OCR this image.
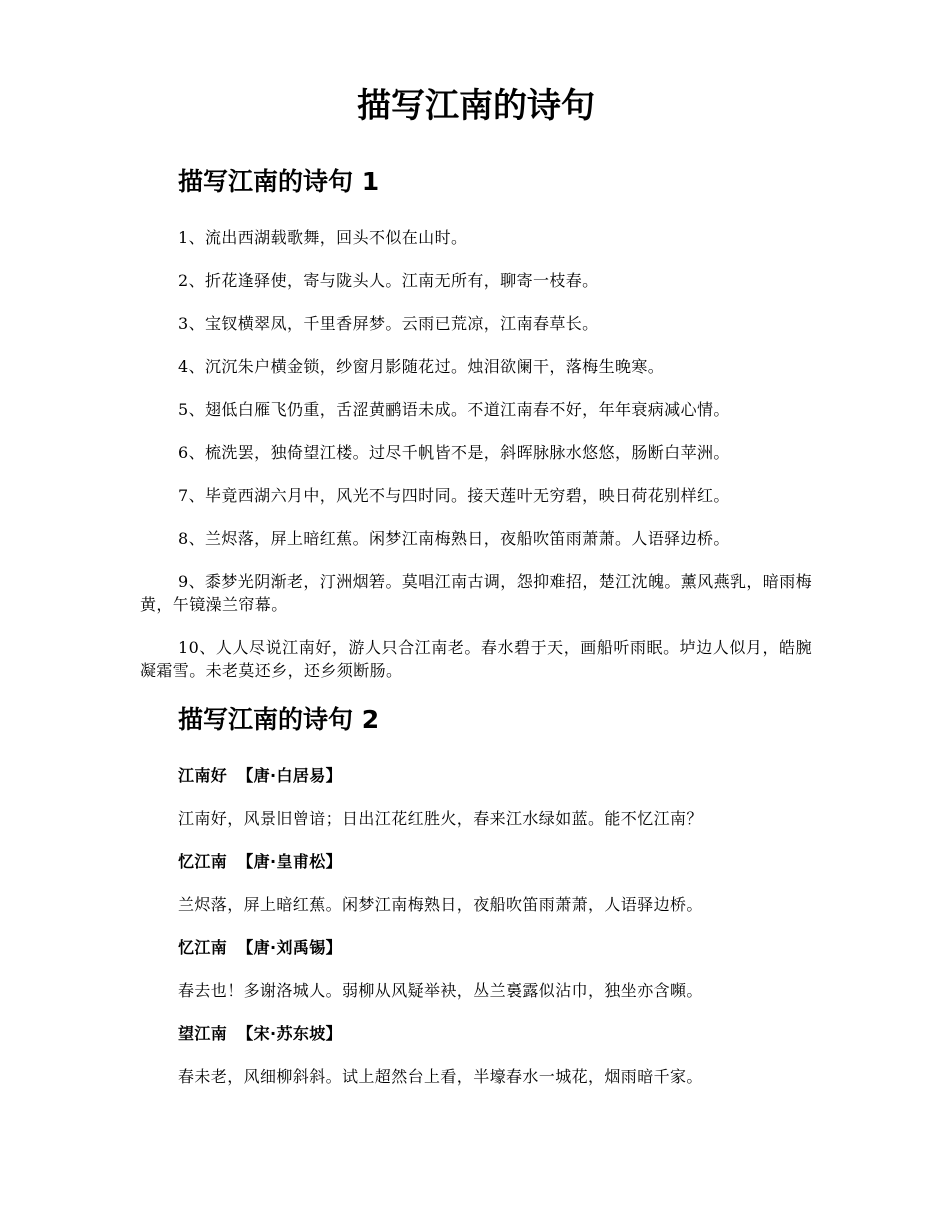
描写江南的诗句
描写江南的诗句 1
1、流出西湖载歌舞，回头不似在山时。
2、折花逢驿使，寄与陇头人。江南无所有，聊寄一枝春。
3、宝钗横翠凤，千里香屏梦。云雨已荒凉，江南春草长。
4、沉沉朱户横金锁，纱窗月影随花过。烛泪欲阑干，落梅生晚寒。
5、翅低白雁飞仍重，舌涩黄鹂语未成。不道江南春不好，年年衰病减心情。
6、梳洗罢，独倚望江楼。过尽千帆皆不是，斜晖脉脉水悠悠，肠断白苹洲。
7、毕竟西湖六月中，风光不与四时同。接天莲叶无穷碧，映日荷花别样红。
8、兰烬落，屏上暗红蕉。闲梦江南梅熟日，夜船吹笛雨萧萧。人语驿边桥。
9、黍梦光阴渐老，汀洲烟箬。莫唱江南古调，怨抑难招，楚江沈魄。薰风燕乳，暗雨梅黄，午镜澡兰帘幕。
10、人人尽说江南好，游人只合江南老。春水碧于天，画船听雨眠。垆边人似月，皓腕凝霜雪。未老莫还乡，还乡须断肠。
描写江南的诗句 2

江南好 【唐·白居易】

江南好，风景旧曾谙；日出江花红胜火，春来江水绿如蓝。能不忆江南？

忆江南 【唐·皇甫松】

兰烬落，屏上暗红蕉。闲梦江南梅熟日，夜船吹笛雨萧萧，人语驿边桥。

忆江南 【唐·刘禹锡】

春去也！多谢洛城人。弱柳从风疑举袂，丛兰裛露似沾巾，独坐亦含嚬。

望江南 【宋·苏东坡】

春未老，风细柳斜斜。试上超然台上看，半壕春水一城花，烟雨暗千家。
